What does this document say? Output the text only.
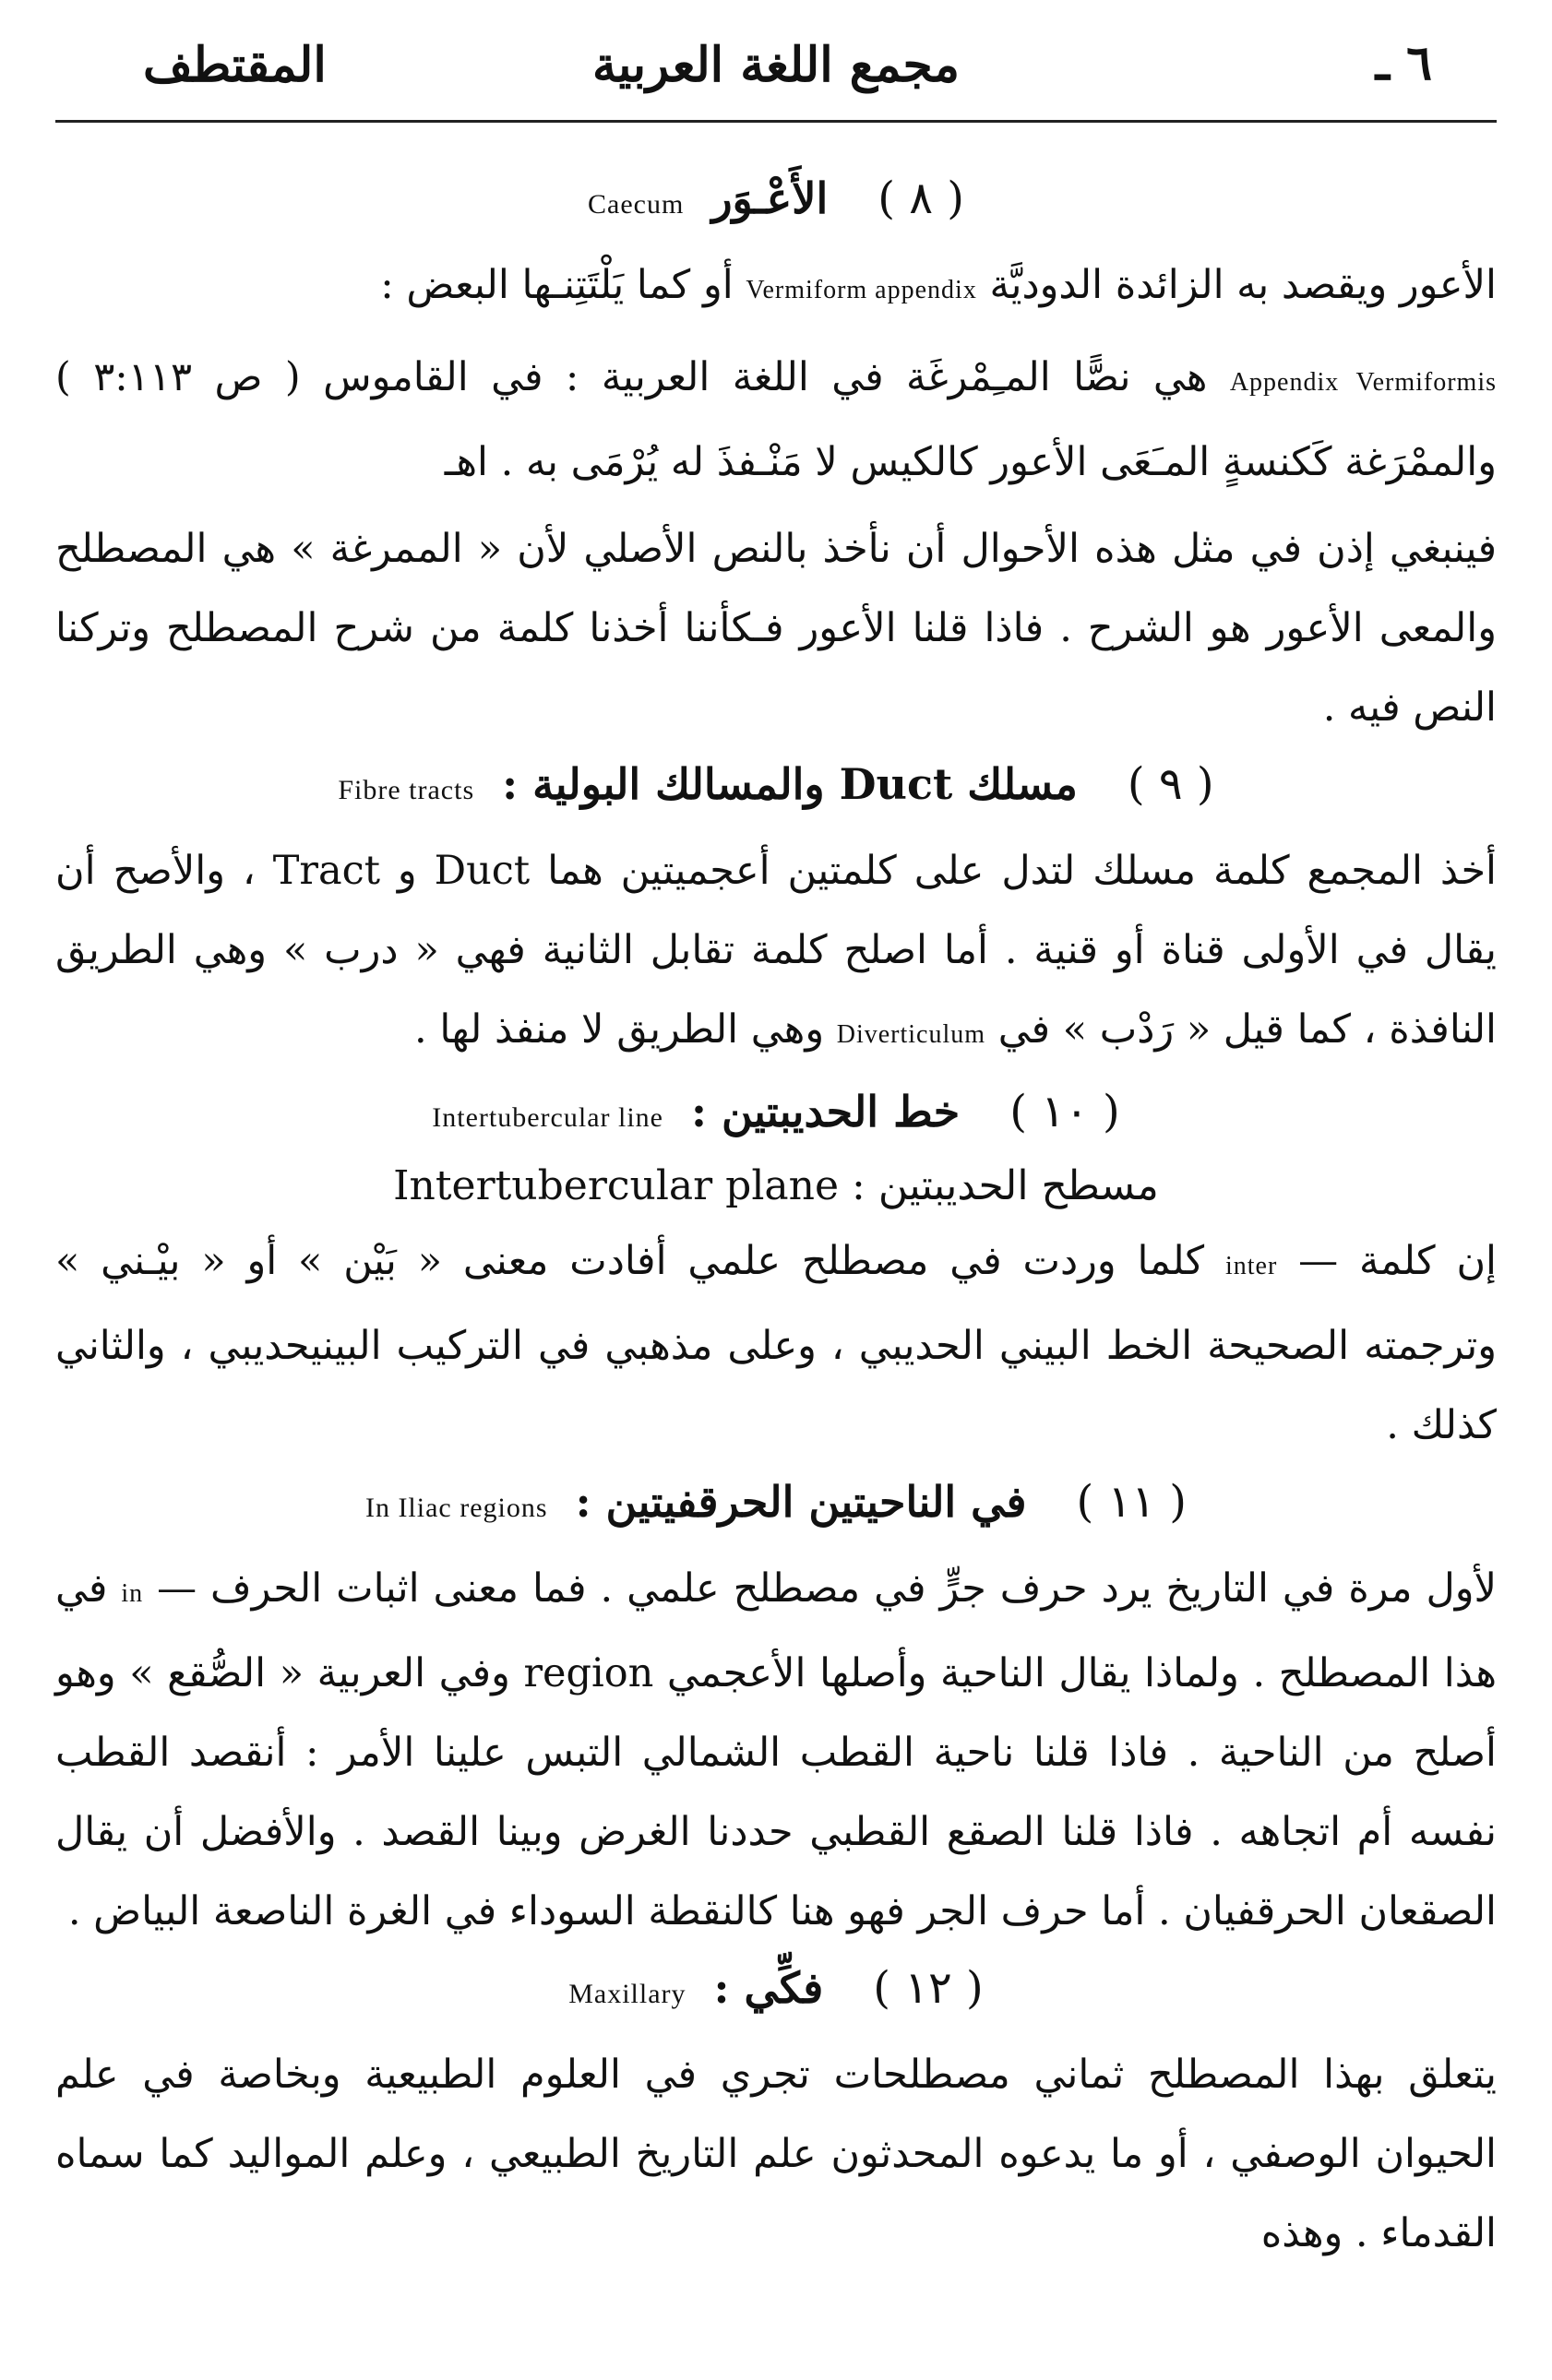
المقتطف	مجمع اللغة العربية	٦ ـ
( ٨ ) الأَعْـوَر Caecum

الأعور ويقصد به الزائدة الدوديَّة Vermiform appendix أو كما يَلْتَتِنـها البعض :

Appendix Vermiformis هي نصًّا المـِمْرغَة في اللغة العربية : في القاموس ( ص ٣:١١٣ ) والممْرَغة كَكنسةٍ المـَعَى الأعور كالكيس لا مَنْـفذَ له يُرْمَى به . اهـ

فينبغي إذن في مثل هذه الأحوال أن نأخذ بالنص الأصلي لأن « الممرغة » هي المصطلح والمعى الأعور هو الشرح . فاذا قلنا الأعور فـكأننا أخذنا كلمة من شرح المصطلح وتركنا النص فيه .

( ٩ ) مسلك Duct والمسالك البولية : Fibre tracts

أخذ المجمع كلمة مسلك لتدل على كلمتين أعجميتين هما Duct و Tract ، والأصح أن يقال في الأولى قناة أو قنية . أما اصلح كلمة تقابل الثانية فهي « درب » وهي الطريق النافذة ، كما قيل « رَدْب » في Diverticulum وهي الطريق لا منفذ لها .

( ١٠ ) خط الحديبتين : Intertubercular line
مسطح الحديبتين : Intertubercular plane

إن كلمة — inter كلما وردت في مصطلح علمي أفادت معنى « بَيْن » أو « بيْـني » وترجمته الصحيحة الخط البيني الحديبي ، وعلى مذهبي في التركيب البينيحديبي ، والثاني كذلك .

( ١١ ) في الناحيتين الحرقفيتين : In Iliac regions

لأول مرة في التاريخ يرد حرف جرٍّ في مصطلح علمي . فما معنى اثبات الحرف — in في هذا المصطلح . ولماذا يقال الناحية وأصلها الأعجمي region وفي العربية « الصُّقع » وهو أصلح من الناحية . فاذا قلنا ناحية القطب الشمالي التبس علينا الأمر : أنقصد القطب نفسه أم اتجاهه . فاذا قلنا الصقع القطبي حددنا الغرض وبينا القصد . والأفضل أن يقال الصقعان الحرقفيان . أما حرف الجر فهو هنا كالنقطة السوداء في الغرة الناصعة البياض .

( ١٢ ) فكِّي : Maxillary

يتعلق بهذا المصطلح ثماني مصطلحات تجري في العلوم الطبيعية وبخاصة في علم الحيوان الوصفي ، أو ما يدعوه المحدثون علم التاريخ الطبيعي ، وعلم المواليد كما سماه القدماء . وهذه
